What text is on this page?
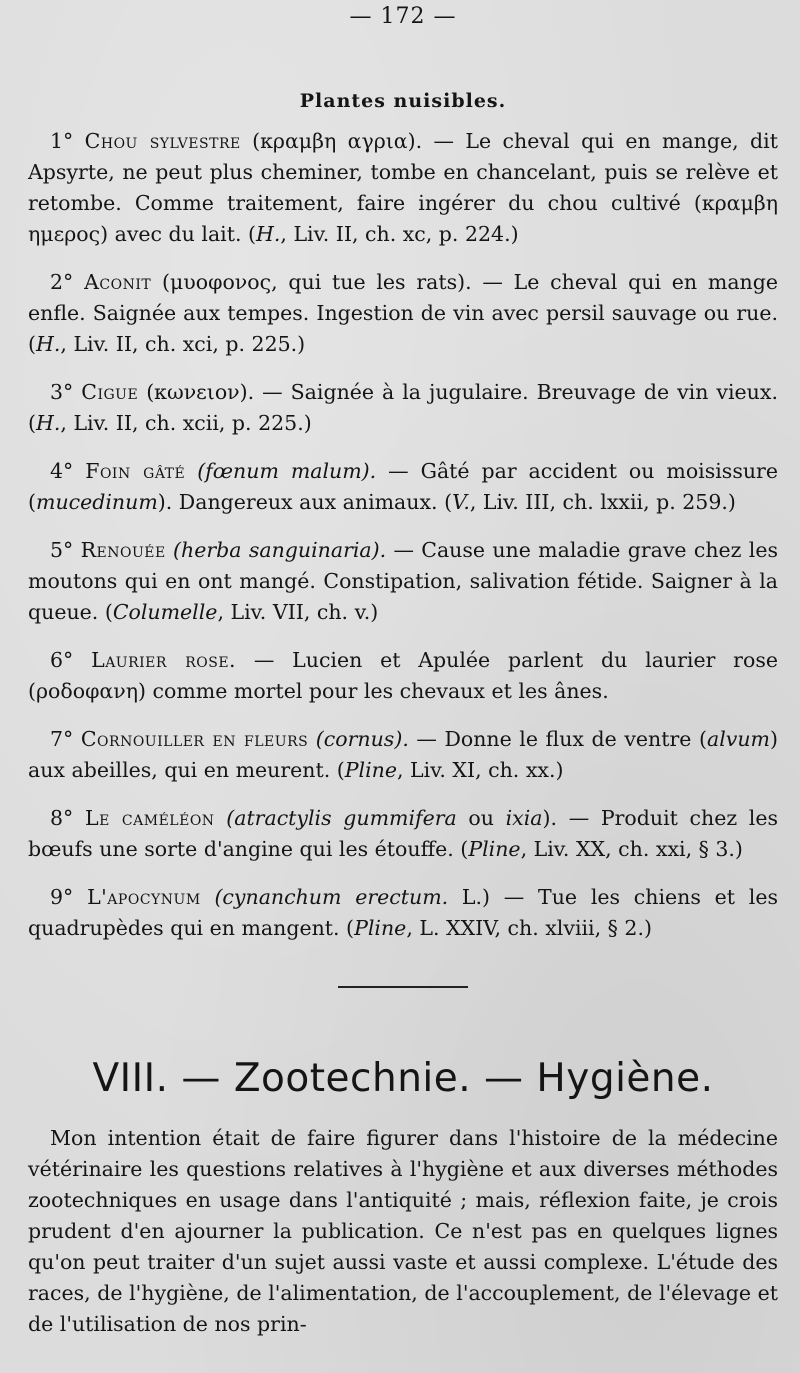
— 172 —
Plantes nuisibles.

1° Chou sylvestre (κραμβη αγρια). — Le cheval qui en mange, dit Apsyrte, ne peut plus cheminer, tombe en chancelant, puis se relève et retombe. Comme traitement, faire ingérer du chou cultivé (κραμβη ημερος) avec du lait. (H., Liv. II, ch. xc, p. 224.)

2° Aconit (μυοφονος, qui tue les rats). — Le cheval qui en mange enfle. Saignée aux tempes. Ingestion de vin avec persil sauvage ou rue. (H., Liv. II, ch. xci, p. 225.)

3° Cigue (κωνειον). — Saignée à la jugulaire. Breuvage de vin vieux. (H., Liv. II, ch. xcii, p. 225.)

4° Foin gâté (fœnum malum). — Gâté par accident ou moisissure (mucedinum). Dangereux aux animaux. (V., Liv. III, ch. lxxii, p. 259.)

5° Renouée (herba sanguinaria). — Cause une maladie grave chez les moutons qui en ont mangé. Constipation, salivation fétide. Saigner à la queue. (Columelle, Liv. VII, ch. v.)

6° Laurier rose. — Lucien et Apulée parlent du laurier rose (ροδοφανη) comme mortel pour les chevaux et les ânes.

7° Cornouiller en fleurs (cornus). — Donne le flux de ventre (alvum) aux abeilles, qui en meurent. (Pline, Liv. XI, ch. xx.)

8° Le caméléon (atractylis gummifera ou ixia). — Produit chez les bœufs une sorte d'angine qui les étouffe. (Pline, Liv. XX, ch. xxi, § 3.)

9° L'apocynum (cynanchum erectum. L.) — Tue les chiens et les quadrupèdes qui en mangent. (Pline, L. XXIV, ch. xlviii, § 2.)

VIII. — Zootechnie. — Hygiène.

Mon intention était de faire figurer dans l'histoire de la médecine vétérinaire les questions relatives à l'hygiène et aux diverses méthodes zootechniques en usage dans l'antiquité ; mais, réflexion faite, je crois prudent d'en ajourner la publication. Ce n'est pas en quelques lignes qu'on peut traiter d'un sujet aussi vaste et aussi complexe. L'étude des races, de l'hygiène, de l'alimentation, de l'accouplement, de l'élevage et de l'utilisation de nos prin-
